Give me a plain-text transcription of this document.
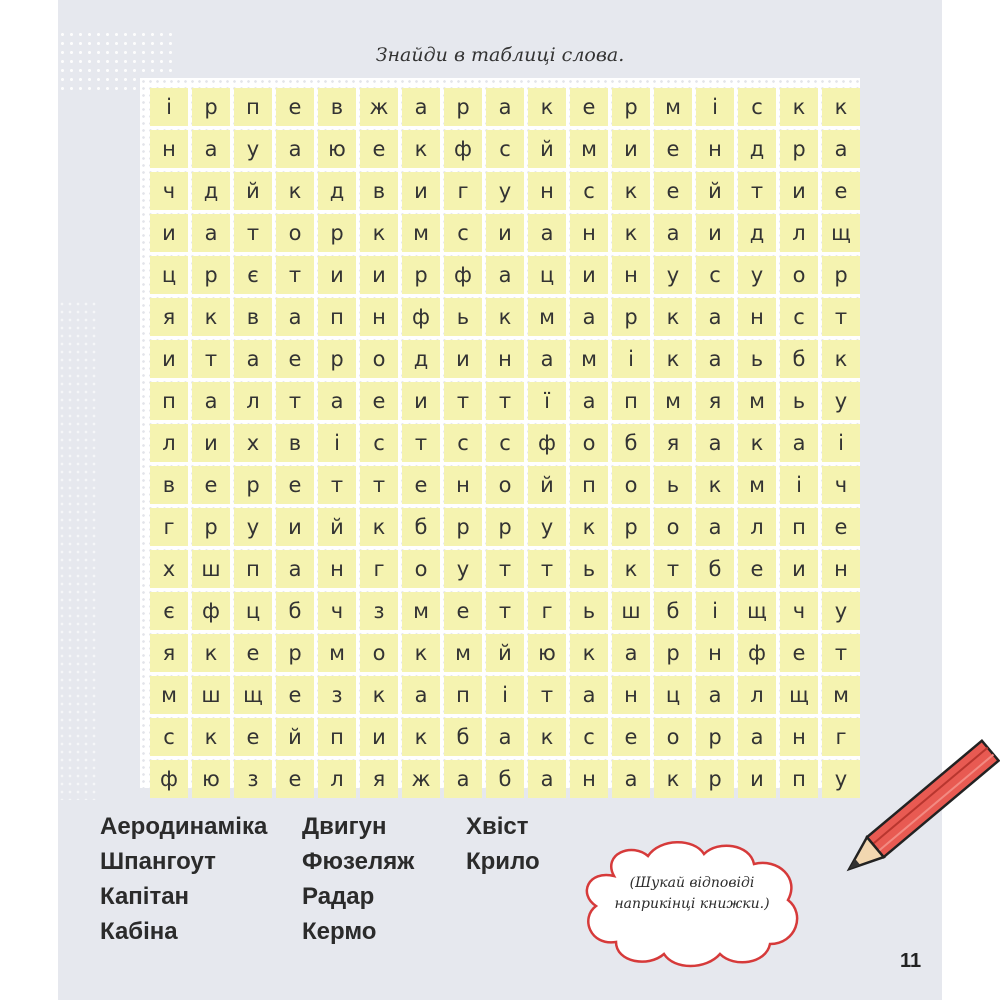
Знайди в таблиці слова.
і	р	п	е	в	ж	а	р	а	к	е	р	м	і	с	к	к
н	а	у	а	ю	е	к	ф	с	й	м	и	е	н	д	р	а
ч	д	й	к	д	в	и	г	у	н	с	к	е	й	т	и	е
и	а	т	о	р	к	м	с	и	а	н	к	а	и	д	л	щ
ц	р	є	т	и	и	р	ф	а	ц	и	н	у	с	у	о	р
я	к	в	а	п	н	ф	ь	к	м	а	р	к	а	н	с	т
и	т	а	е	р	о	д	и	н	а	м	і	к	а	ь	б	к
п	а	л	т	а	е	и	т	т	ї	а	п	м	я	м	ь	у
л	и	х	в	і	с	т	с	с	ф	о	б	я	а	к	а	і
в	е	р	е	т	т	е	н	о	й	п	о	ь	к	м	і	ч
г	р	у	и	й	к	б	р	р	у	к	р	о	а	л	п	е
х	ш	п	а	н	г	о	у	т	т	ь	к	т	б	е	и	н
є	ф	ц	б	ч	з	м	е	т	г	ь	ш	б	і	щ	ч	у
я	к	е	р	м	о	к	м	й	ю	к	а	р	н	ф	е	т
м	ш	щ	е	з	к	а	п	і	т	а	н	ц	а	л	щ	м
с	к	е	й	п	и	к	б	а	к	с	е	о	р	а	н	г
ф	ю	з	е	л	я	ж	а	б	а	н	а	к	р	и	п	у
Аеродинаміка
Шпангоут
Капітан
Кабіна
Двигун
Фюзеляж
Радар
Кермо
Хвіст
Крило
(Шукай відповіді
наприкінці книжки.)
11
